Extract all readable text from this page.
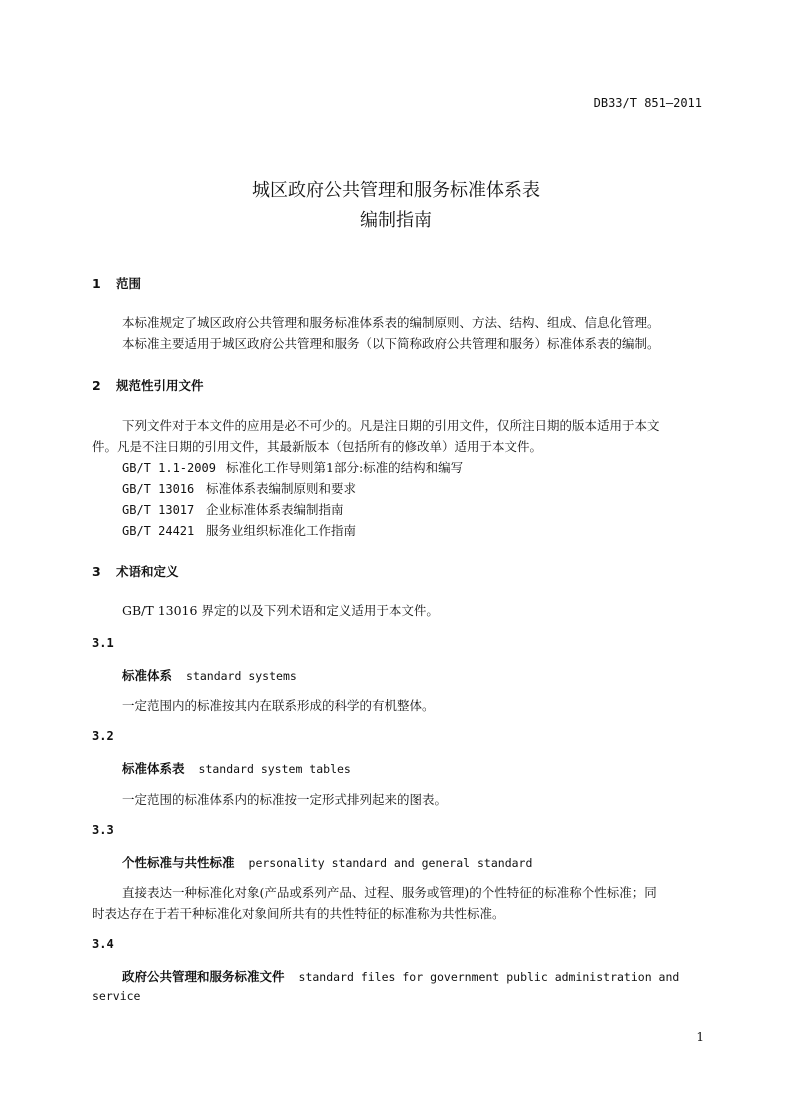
DB33/T 851—2011
城区政府公共管理和服务标准体系表
编制指南
1 范围
本标准规定了城区政府公共管理和服务标准体系表的编制原则、方法、结构、组成、信息化管理。
本标准主要适用于城区政府公共管理和服务（以下简称政府公共管理和服务）标准体系表的编制。
2 规范性引用文件
下列文件对于本文件的应用是必不可少的。凡是注日期的引用文件，仅所注日期的版本适用于本文
件。凡是不注日期的引用文件，其最新版本（包括所有的修改单）适用于本文件。
GB/T 1.1-2009 标准化工作导则第1部分:标准的结构和编写
GB/T 13016 标准体系表编制原则和要求
GB/T 13017 企业标准体系表编制指南
GB/T 24421 服务业组织标准化工作指南
3 术语和定义
GB/T 13016 界定的以及下列术语和定义适用于本文件。
3.1
标准体系 standard systems
一定范围内的标准按其内在联系形成的科学的有机整体。
3.2
标准体系表 standard system tables
一定范围的标准体系内的标准按一定形式排列起来的图表。
3.3
个性标准与共性标准 personality standard and general standard
直接表达一种标准化对象(产品或系列产品、过程、服务或管理)的个性特征的标准称个性标准；同
时表达存在于若干种标准化对象间所共有的共性特征的标准称为共性标准。
3.4
政府公共管理和服务标准文件 standard files for government public administration and
service
1
